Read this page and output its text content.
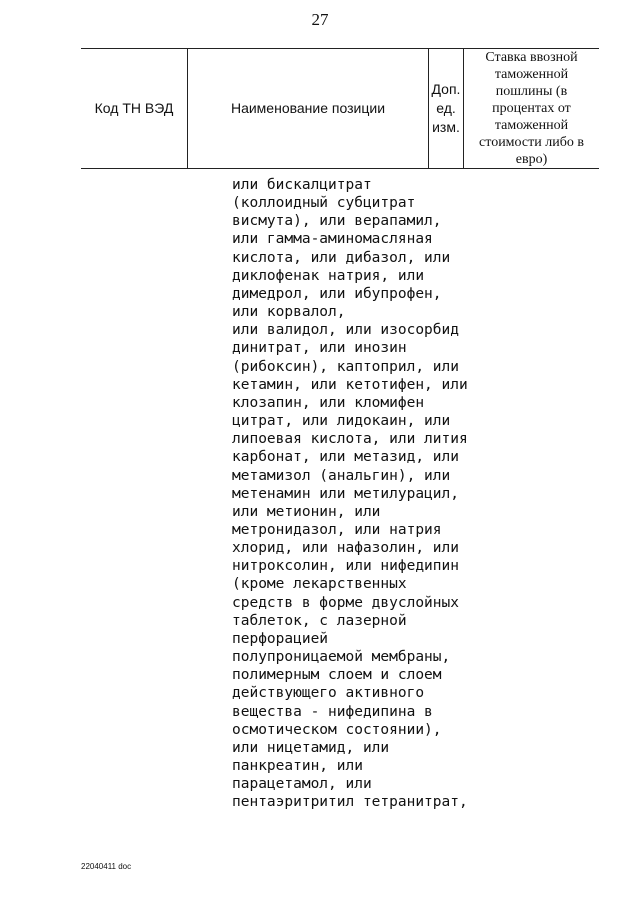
27
Код ТН ВЭД	Наименование позиции	Доп. ед. изм.	Ставка ввозной таможенной пошлины (в процентах от таможенной стоимости либо в евро)
или бискалцитрат
(коллоидный субцитрат
висмута), или верапамил,
или гамма-аминомасляная
кислота, или дибазол, или
диклофенак натрия, или
димедрол, или ибупрофен,
или корвалол,
или валидол, или изосорбид
динитрат, или инозин
(рибоксин), каптоприл, или
кетамин, или кетотифен, или
клозапин, или кломифен
цитрат, или лидокаин, или
липоевая кислота, или лития
карбонат, или метазид, или
метамизол (анальгин), или
метенамин или метилурацил,
или метионин, или
метронидазол, или натрия
хлорид, или нафазолин, или
нитроксолин, или нифедипин
(кроме лекарственных
средств в форме двуслойных
таблеток, с лазерной
перфорацией
полупроницаемой мембраны,
полимерным слоем и слоем
действующего активного
вещества - нифедипина в
осмотическом состоянии),
или ницетамид, или
панкреатин, или
парацетамол, или
пентаэритритил тетранитрат,
22040411 doc
